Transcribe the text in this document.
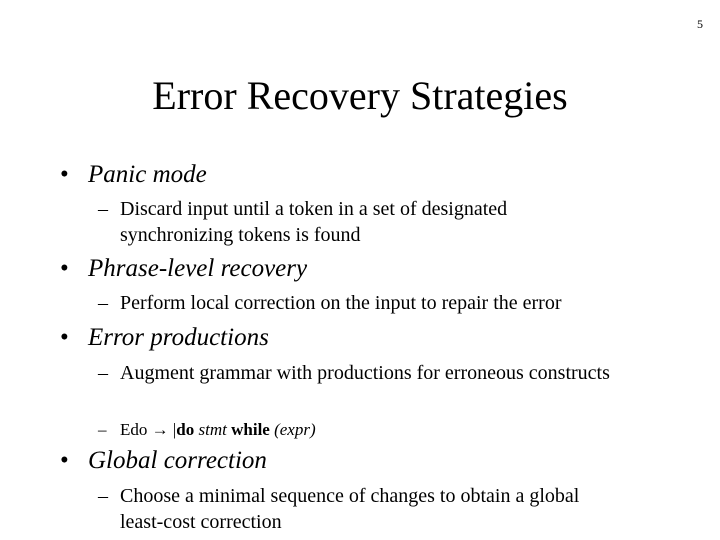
5
Error Recovery Strategies
• Panic mode
– Discard input until a token in a set of designated synchronizing tokens is found
• Phrase-level recovery
– Perform local correction on the input to repair the error
• Error productions
– Augment grammar with productions for erroneous constructs
– Edo → |do stmt while (expr)
• Global correction
– Choose a minimal sequence of changes to obtain a global least-cost correction
